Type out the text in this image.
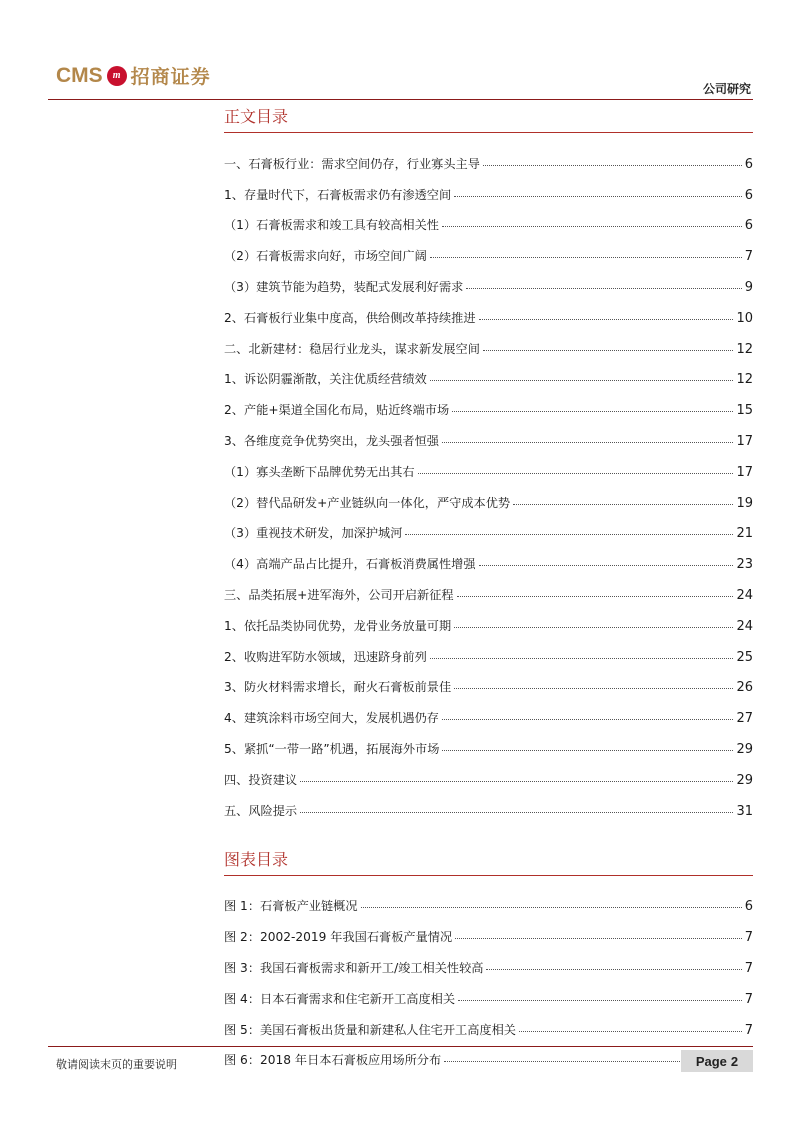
CMS	m 招商证券
公司研究
正文目录
一、石膏板行业：需求空间仍存，行业寡头主导	6
1、存量时代下，石膏板需求仍有渗透空间	6
（1）石膏板需求和竣工具有较高相关性	6
（2）石膏板需求向好，市场空间广阔	7
（3）建筑节能为趋势，装配式发展利好需求	9
2、石膏板行业集中度高，供给侧改革持续推进	10
二、北新建材：稳居行业龙头，谋求新发展空间	12
1、诉讼阴霾渐散，关注优质经营绩效	12
2、产能+渠道全国化布局，贴近终端市场	15
3、各维度竞争优势突出，龙头强者恒强	17
（1）寡头垄断下品牌优势无出其右	17
（2）替代品研发+产业链纵向一体化，严守成本优势	19
（3）重视技术研发，加深护城河	21
（4）高端产品占比提升，石膏板消费属性增强	23
三、品类拓展+进军海外，公司开启新征程	24
1、依托品类协同优势，龙骨业务放量可期	24
2、收购进军防水领域，迅速跻身前列	25
3、防火材料需求增长，耐火石膏板前景佳	26
4、建筑涂料市场空间大，发展机遇仍存	27
5、紧抓“一带一路”机遇，拓展海外市场	29
四、投资建议	29
五、风险提示	31
图表目录
图 1：石膏板产业链概况	6
图 2：2002-2019 年我国石膏板产量情况	7
图 3：我国石膏板需求和新开工/竣工相关性较高	7
图 4：日本石膏需求和住宅新开工高度相关	7
图 5：美国石膏板出货量和新建私人住宅开工高度相关	7
图 6：2018 年日本石膏板应用场所分布
敬请阅读末页的重要说明	Page 2
